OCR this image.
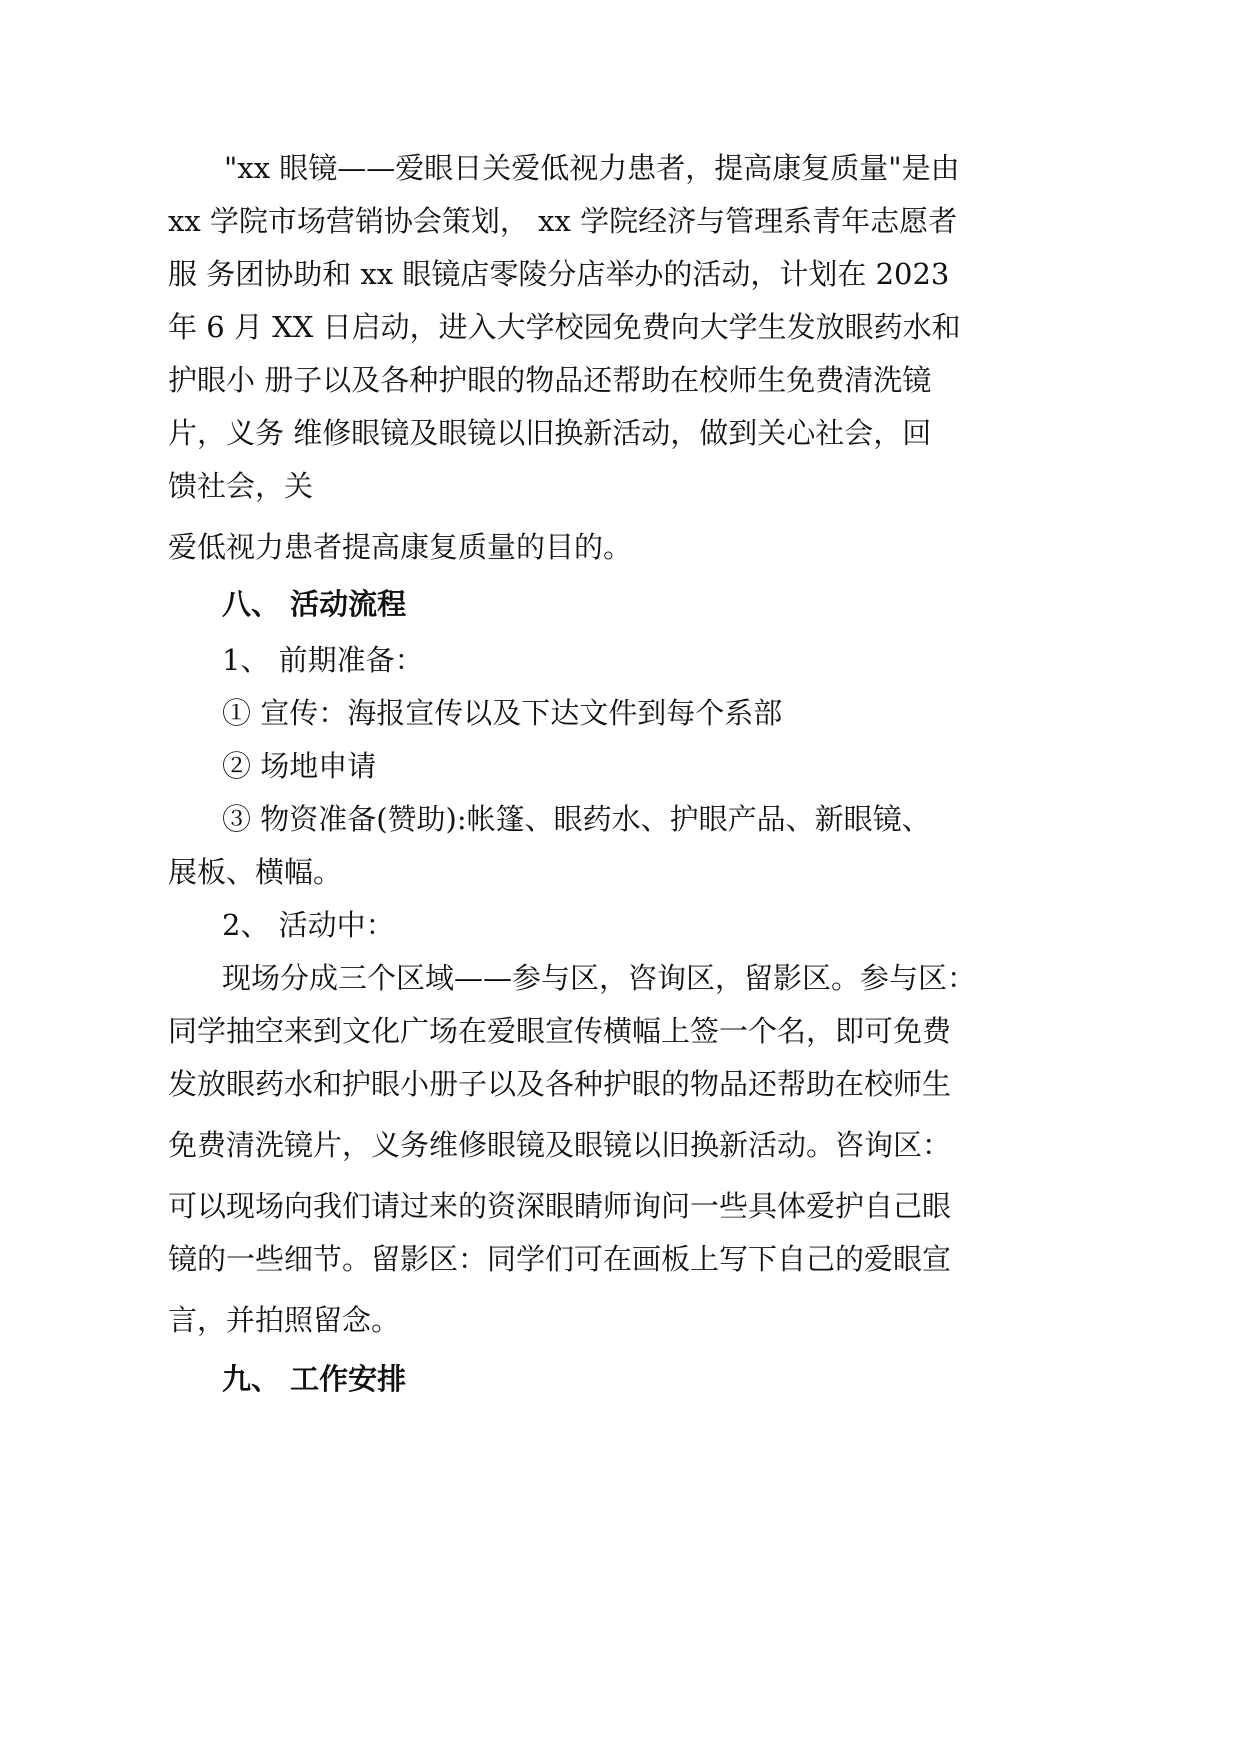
"xx 眼镜——爱眼日关爱低视力患者，提高康复质量"是由
xx 学院市场营销协会策划， xx 学院经济与管理系青年志愿者
服 务团协助和 xx 眼镜店零陵分店举办的活动，计划在 2023
年 6 月 XX 日启动，进入大学校园免费向大学生发放眼药水和
护眼小 册子以及各种护眼的物品还帮助在校师生免费清洗镜
片，义务 维修眼镜及眼镜以旧换新活动，做到关心社会，回
馈社会，关
爱低视力患者提高康复质量的目的。
八、 活动流程
1、 前期准备：
① 宣传：海报宣传以及下达文件到每个系部
② 场地申请
③ 物资准备(赞助):帐篷、眼药水、护眼产品、新眼镜、
展板、横幅。
2、 活动中：
现场分成三个区域——参与区，咨询区，留影区。参与区：
同学抽空来到文化广场在爱眼宣传横幅上签一个名，即可免费
发放眼药水和护眼小册子以及各种护眼的物品还帮助在校师生
免费清洗镜片，义务维修眼镜及眼镜以旧换新活动。咨询区：
可以现场向我们请过来的资深眼睛师询问一些具体爱护自己眼
镜的一些细节。留影区：同学们可在画板上写下自己的爱眼宣
言，并拍照留念。
九、 工作安排
